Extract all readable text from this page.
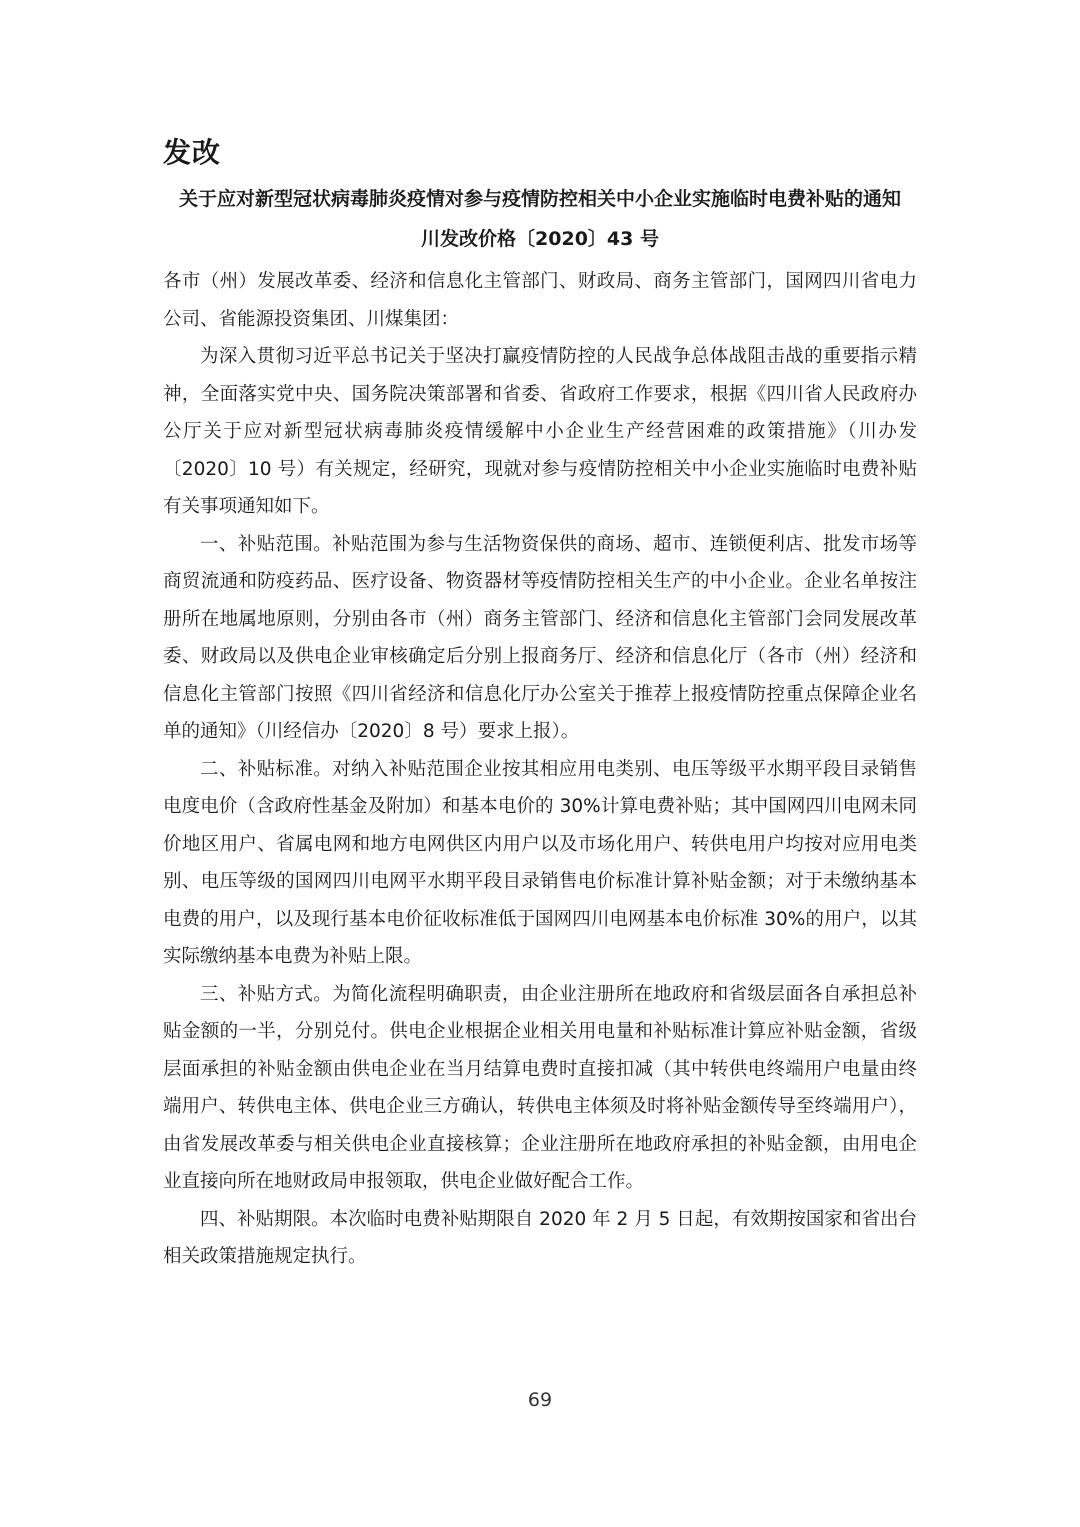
发改
关于应对新型冠状病毒肺炎疫情对参与疫情防控相关中小企业实施临时电费补贴的通知
川发改价格〔2020〕43 号

各市（州）发展改革委、经济和信息化主管部门、财政局、商务主管部门，国网四川省电力公司、省能源投资集团、川煤集团：

为深入贯彻习近平总书记关于坚决打赢疫情防控的人民战争总体战阻击战的重要指示精神，全面落实党中央、国务院决策部署和省委、省政府工作要求，根据《四川省人民政府办公厅关于应对新型冠状病毒肺炎疫情缓解中小企业生产经营困难的政策措施》（川办发〔2020〕10 号）有关规定，经研究，现就对参与疫情防控相关中小企业实施临时电费补贴有关事项通知如下。

一、补贴范围。补贴范围为参与生活物资保供的商场、超市、连锁便利店、批发市场等商贸流通和防疫药品、医疗设备、物资器材等疫情防控相关生产的中小企业。企业名单按注册所在地属地原则，分别由各市（州）商务主管部门、经济和信息化主管部门会同发展改革委、财政局以及供电企业审核确定后分别上报商务厅、经济和信息化厅（各市（州）经济和信息化主管部门按照《四川省经济和信息化厅办公室关于推荐上报疫情防控重点保障企业名单的通知》（川经信办〔2020〕8 号）要求上报）。

二、补贴标准。对纳入补贴范围企业按其相应用电类别、电压等级平水期平段目录销售电度电价（含政府性基金及附加）和基本电价的 30%计算电费补贴；其中国网四川电网未同价地区用户、省属电网和地方电网供区内用户以及市场化用户、转供电用户均按对应用电类别、电压等级的国网四川电网平水期平段目录销售电价标准计算补贴金额；对于未缴纳基本电费的用户，以及现行基本电价征收标准低于国网四川电网基本电价标准 30%的用户，以其实际缴纳基本电费为补贴上限。

三、补贴方式。为简化流程明确职责，由企业注册所在地政府和省级层面各自承担总补贴金额的一半，分别兑付。供电企业根据企业相关用电量和补贴标准计算应补贴金额，省级层面承担的补贴金额由供电企业在当月结算电费时直接扣减（其中转供电终端用户电量由终端用户、转供电主体、供电企业三方确认，转供电主体须及时将补贴金额传导至终端用户），由省发展改革委与相关供电企业直接核算；企业注册所在地政府承担的补贴金额，由用电企业直接向所在地财政局申报领取，供电企业做好配合工作。

四、补贴期限。本次临时电费补贴期限自 2020 年 2 月 5 日起，有效期按国家和省出台相关政策措施规定执行。

69
